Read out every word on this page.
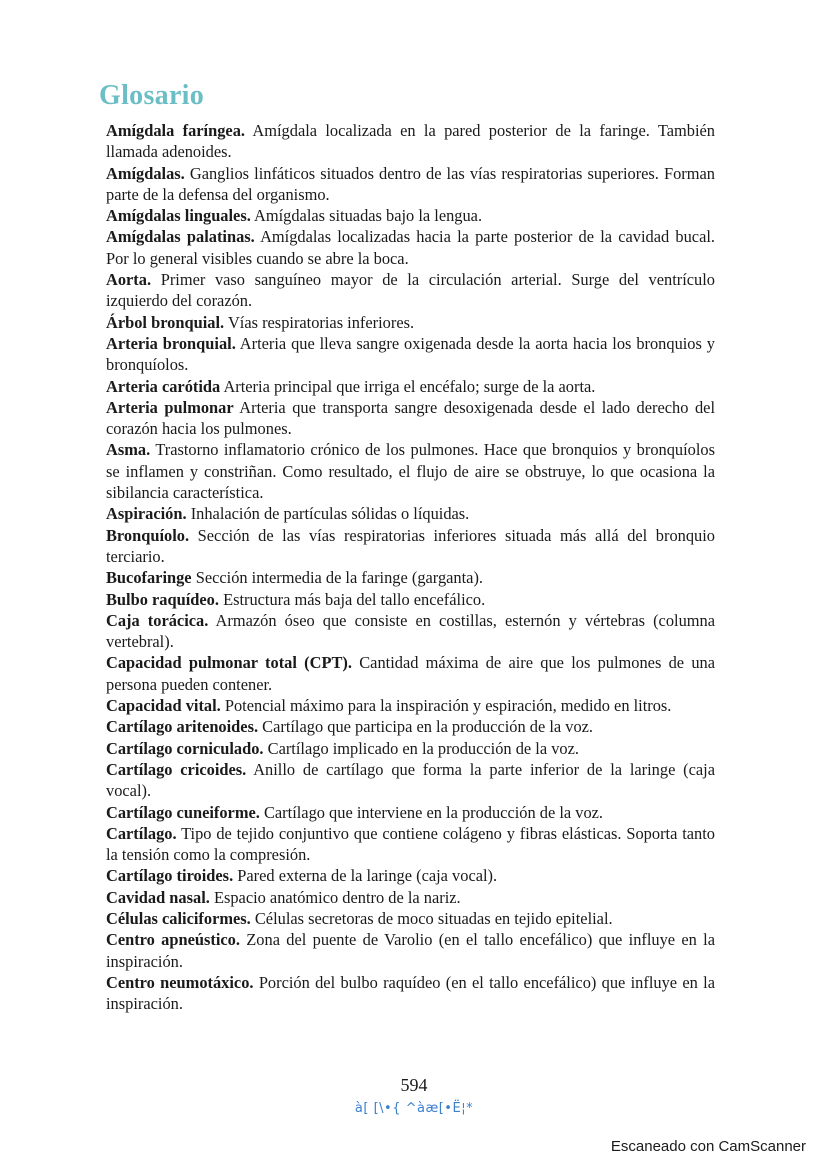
Glosario

Amígdala faríngea. Amígdala localizada en la pared posterior de la faringe. También llamada adenoides.

Amígdalas. Ganglios linfáticos situados dentro de las vías respiratorias superiores. Forman parte de la defensa del organismo.

Amígdalas linguales. Amígdalas situadas bajo la lengua.

Amígdalas palatinas. Amígdalas localizadas hacia la parte posterior de la cavidad bucal. Por lo general visibles cuando se abre la boca.

Aorta. Primer vaso sanguíneo mayor de la circulación arterial. Surge del ventrículo izquierdo del corazón.

Árbol bronquial. Vías respiratorias inferiores.

Arteria bronquial. Arteria que lleva sangre oxigenada desde la aorta hacia los bronquios y bronquíolos.

Arteria carótida Arteria principal que irriga el encéfalo; surge de la aorta.

Arteria pulmonar Arteria que transporta sangre desoxigenada desde el lado derecho del corazón hacia los pulmones.

Asma. Trastorno inflamatorio crónico de los pulmones. Hace que bronquios y bronquíolos se inflamen y constriñan. Como resultado, el flujo de aire se obstruye, lo que ocasiona la sibilancia característica.

Aspiración. Inhalación de partículas sólidas o líquidas.

Bronquíolo. Sección de las vías respiratorias inferiores situada más allá del bronquio terciario.

Bucofaringe Sección intermedia de la faringe (garganta).

Bulbo raquídeo. Estructura más baja del tallo encefálico.

Caja torácica. Armazón óseo que consiste en costillas, esternón y vértebras (columna vertebral).

Capacidad pulmonar total (CPT). Cantidad máxima de aire que los pulmones de una persona pueden contener.

Capacidad vital. Potencial máximo para la inspiración y espiración, medido en litros.

Cartílago aritenoides. Cartílago que participa en la producción de la voz.

Cartílago corniculado. Cartílago implicado en la producción de la voz.

Cartílago cricoides. Anillo de cartílago que forma la parte inferior de la laringe (caja vocal).

Cartílago cuneiforme. Cartílago que interviene en la producción de la voz.

Cartílago. Tipo de tejido conjuntivo que contiene colágeno y fibras elásticas. Soporta tanto la tensión como la compresión.

Cartílago tiroides. Pared externa de la laringe (caja vocal).

Cavidad nasal. Espacio anatómico dentro de la nariz.

Células caliciformes. Células secretoras de moco situadas en tejido epitelial.

Centro apneústico. Zona del puente de Varolio (en el tallo encefálico) que influye en la inspiración.

Centro neumotáxico. Porción del bulbo raquídeo (en el tallo encefálico) que influye en la inspiración.

594
à[ [\•{ ^àæ[•Ë¦*
Escaneado con CamScanner
